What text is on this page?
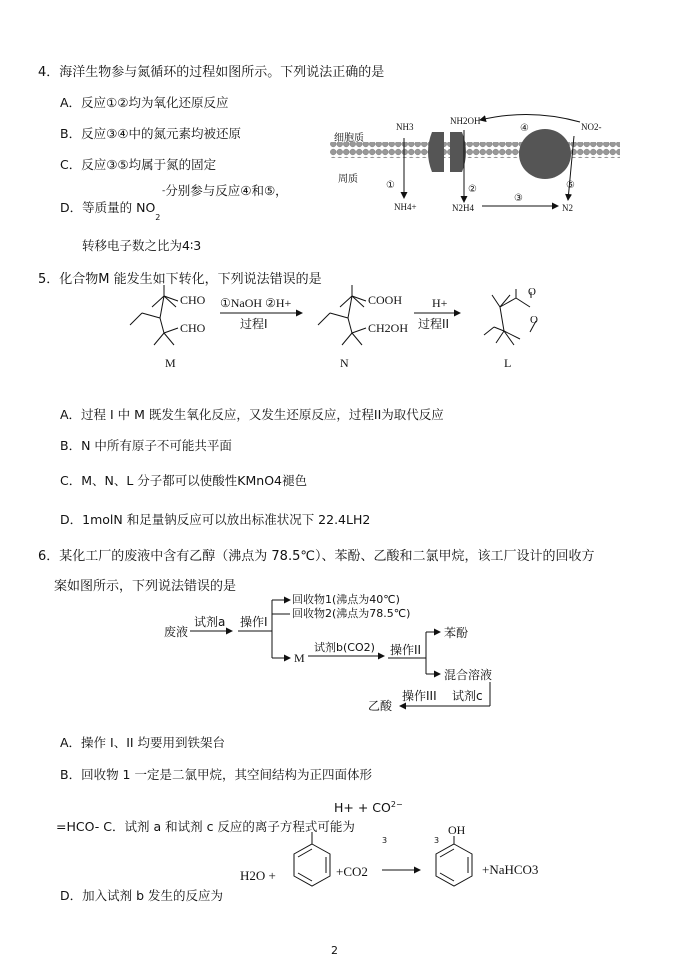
4．海洋生物参与氮循环的过程如图所示。下列说法正确的是
A．反应①②均为氧化还原反应
B．反应③④中的氮元素均被还原
C．反应③⑤均属于氮的固定
D．等质量的 $NO_2$
-分别参与反应④和⑤，
转移电子数之比为4∶3
细胞质
周质
NH3
①
NH4+
NH2OH
②
N2H4
③
N2
④	NO2-
⑤
5．化合物M 能发生如下转化，下列说法错误的是
CHO
CHO
M
①NaOH ②H+
过程I
COOH
CH2OH
N
H+
过程II
O
O
L
A．过程 I 中 M 既发生氧化反应，又发生还原反应，过程II为取代反应
B．N 中所有原子不可能共平面
C．M、N、L 分子都可以使酸性KMnO4褪色
D．1molN 和足量钠反应可以放出标准状况下 22.4LH2
6．某化工厂的废液中含有乙醇（沸点为 78.5℃）、苯酚、乙酸和二氯甲烷，该工厂设计的回收方
案如图所示，下列说法错误的是
废液
试剂a 操作I
回收物1(沸点为40℃)
回收物2(沸点为78.5℃)
M
试剂b(CO2) 操作II
苯酚
混合溶液
试剂c
操作III
乙酸
A．操作 I、II 均要用到铁架台
B．回收物 1 一定是二氯甲烷，其空间结构为正四面体形
$H+ + CO^{2-}$
=HCO- C．试剂 a 和试剂 c 反应的离子方程式可能为
3	3
H2O +	+CO2
OH
+NaHCO3
D．加入试剂 b 发生的反应为
2
